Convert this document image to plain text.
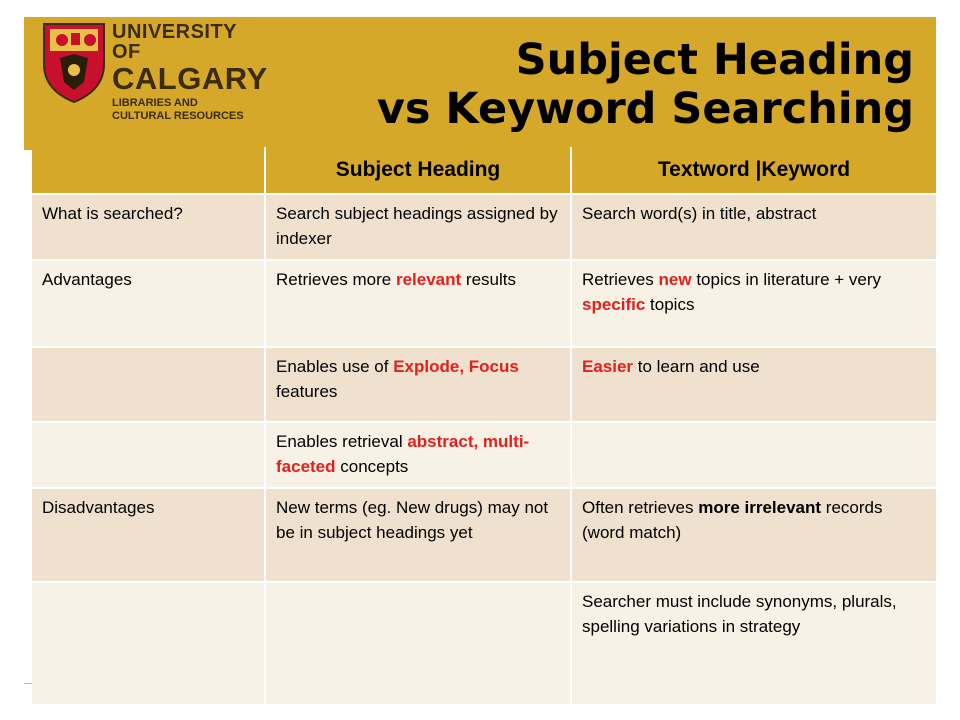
UNIVERSITY OF
CALGARY
LIBRARIES AND
CULTURAL RESOURCES
Subject Heading
vs Keyword Searching
	Subject Heading	Textword |Keyword
What is searched?	Search subject headings assigned by indexer	Search word(s) in title, abstract
Advantages	Retrieves more relevant results	Retrieves new topics in literature + very specific topics
	Enables use of Explode, Focus features	Easier to learn and use
	Enables retrieval abstract, multi-faceted concepts	
Disadvantages	New terms (eg. New drugs) may not be in subject headings yet	Often retrieves more irrelevant records (word match)
		Searcher must include synonyms, plurals, spelling variations in strategy
